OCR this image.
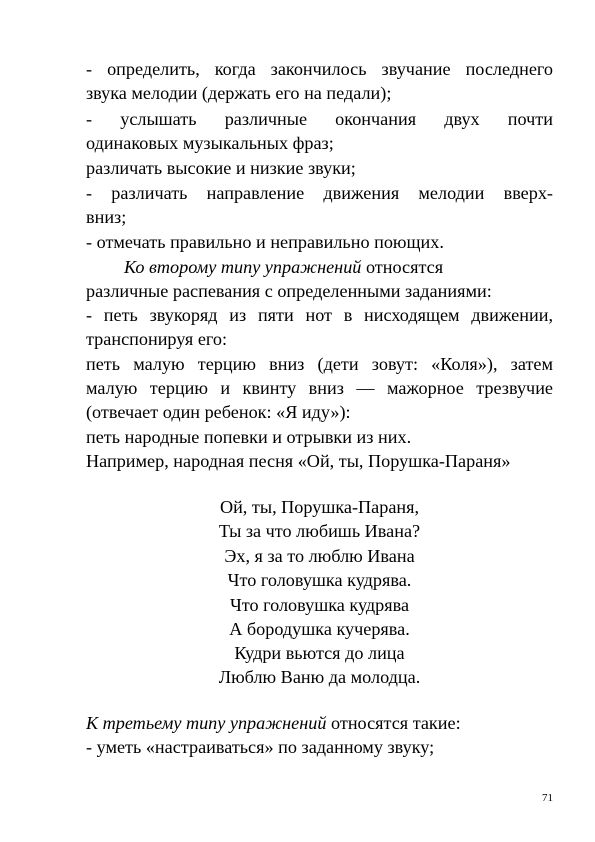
- определить, когда закончилось звучание последнего
звука мелодии (держать его на педали);
- услышать различные окончания двух почти
одинаковых музыкальных фраз;
различать высокие и низкие звуки;
- различать направление движения мелодии вверх-
вниз;
- отмечать правильно и неправильно поющих.
Ко второму типу упражнений относятся
различные распевания с определенными заданиями:
- петь звукоряд из пяти нот в нисходящем движении,
транспонируя его:
петь малую терцию вниз (дети зовут: «Коля»), затем
малую терцию и квинту вниз — мажорное трезвучие
(отвечает один ребенок: «Я иду»):
петь народные попевки и отрывки из них.
Например, народная песня «Ой, ты, Порушка-Параня»
Ой, ты, Порушка-Параня,
Ты за что любишь Ивана?
Эх, я за то люблю Ивана
Что головушка кудрява.
Что головушка кудрява
А бородушка кучерява.
Кудри вьются до лица
Люблю Ваню да молодца.
К третьему типу упражнений относятся такие:
- уметь «настраиваться» по заданному звуку;
71
